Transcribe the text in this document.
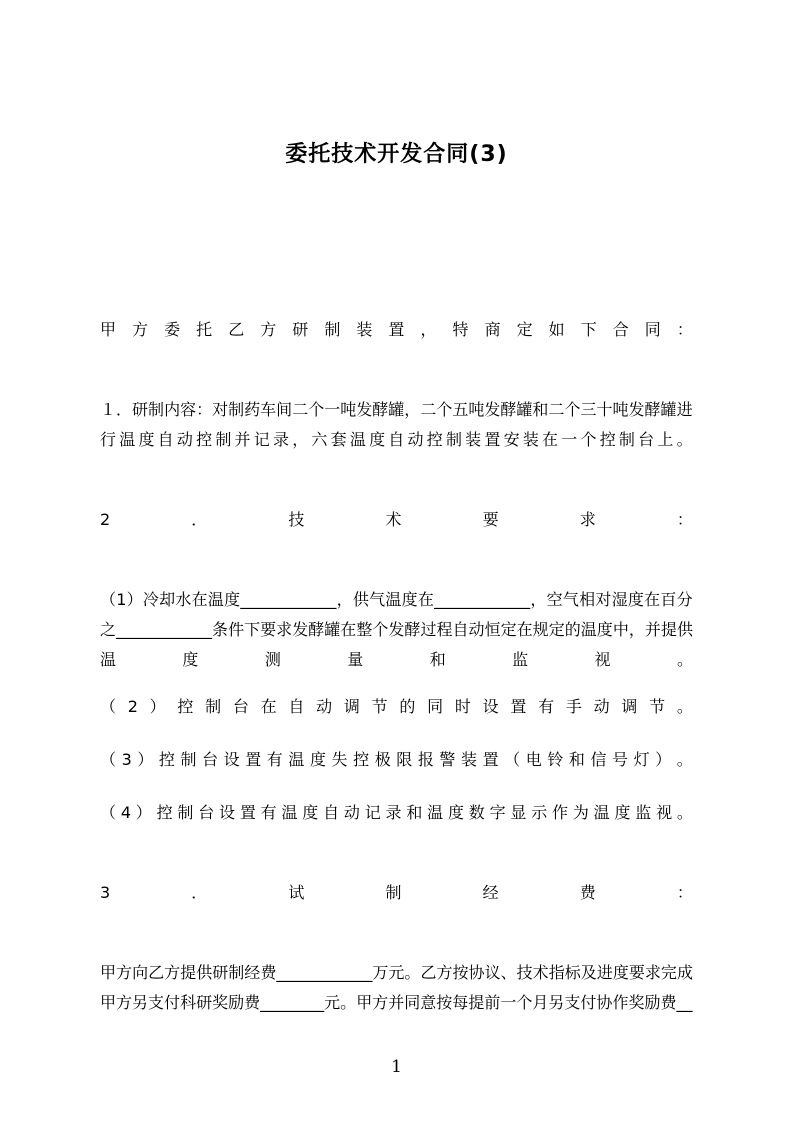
委托技术开发合同(3)
甲 方 委 托 乙 方 研 制 装 置 ， 特 商 定 如 下 合 同 ：
１ ． 研 制 内 容 ： 对 制 药 车 间 二 个 一 吨 发 酵 罐 ， 二 个 五 吨 发 酵 罐 和 二 个 三 十 吨 发 酵 罐 进
行 温 度 自 动 控 制 并 记 录 ， 六 套 温 度 自 动 控 制 装 置 安 装 在 一 个 控 制 台 上 。
2	．	技	术	要	求	：
（ 1 ） 冷 却 水 在 温 度 ____________ ， 供 气 温 度 在 ____________ ， 空 气 相 对 湿 度 在 百 分
之 ____________ 条 件 下 要 求 发 酵 罐 在 整 个 发 酵 过 程 自 动 恒 定 在 规 定 的 温 度 中 ， 并 提 供
温	度	测	量	和	监	视	。
（ 2 ） 控 制 台 在 自 动 调 节 的 同 时 设 置 有 手 动 调 节 。
（ 3 ） 控 制 台 设 置 有 温 度 失 控 极 限 报 警 装 置 （ 电 铃 和 信 号 灯 ） 。
（ 4 ） 控 制 台 设 置 有 温 度 自 动 记 录 和 温 度 数 字 显 示 作 为 温 度 监 视 。
3	．	试	制	经	费	：
甲 方 向 乙 方 提 供 研 制 经 费 ____________ 万 元 。 乙 方 按 协 议 、 技 术 指 标 及 进 度 要 求 完 成
甲 方 另 支 付 科 研 奖 励 费 ________ 元 。 甲 方 并 同 意 按 每 提 前 一 个 月 另 支 付 协 作 奖 励 费 __
1
